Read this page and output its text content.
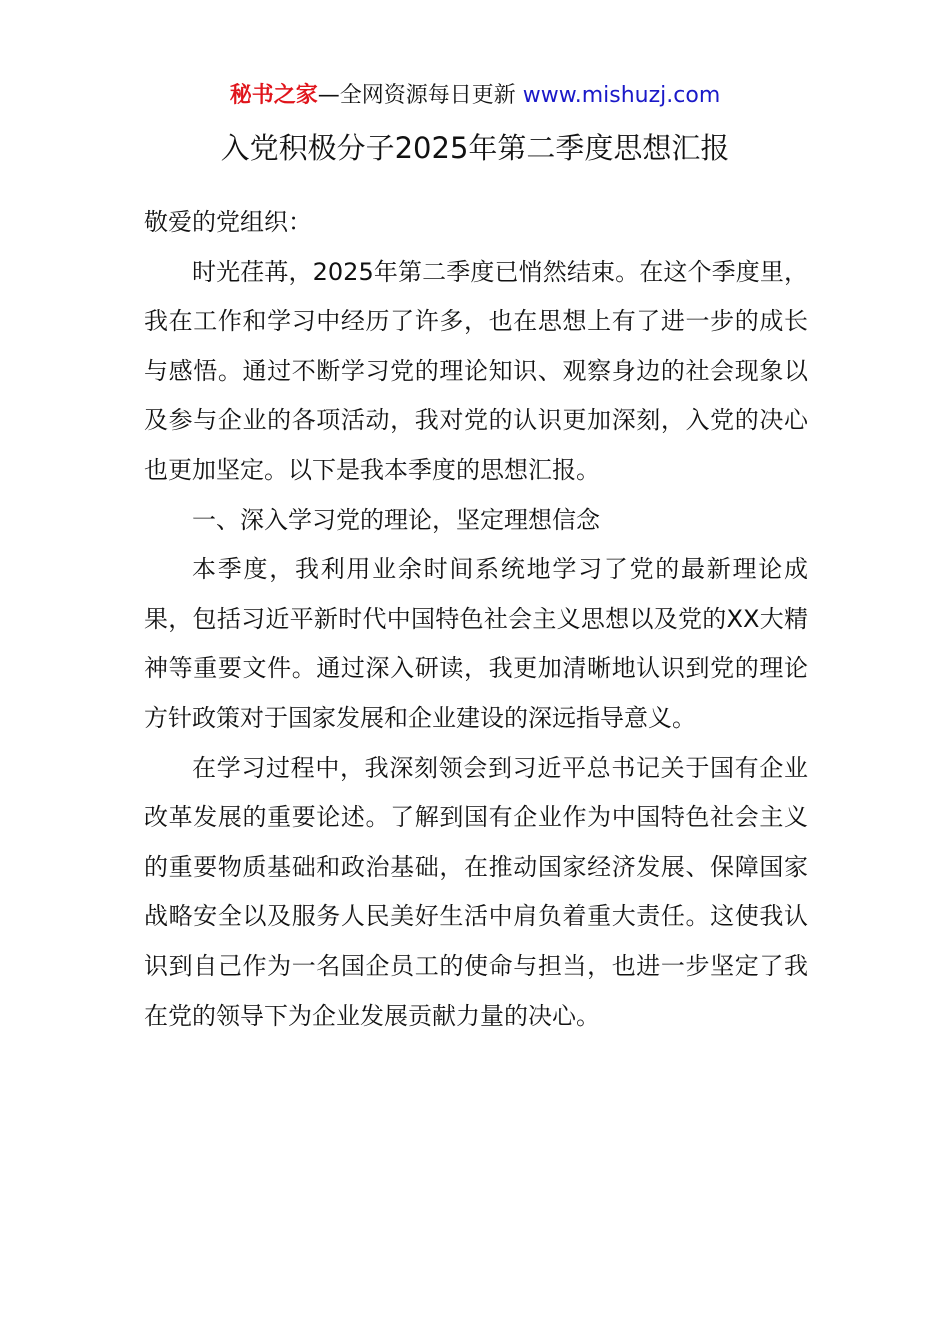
秘书之家—全网资源每日更新 www.mishuzj.com
入党积极分子2025年第二季度思想汇报

敬爱的党组织：

时光荏苒，2025年第二季度已悄然结束。在这个季度里，我在工作和学习中经历了许多，也在思想上有了进一步的成长与感悟。通过不断学习党的理论知识、观察身边的社会现象以及参与企业的各项活动，我对党的认识更加深刻，入党的决心也更加坚定。以下是我本季度的思想汇报。

一、深入学习党的理论，坚定理想信念

本季度，我利用业余时间系统地学习了党的最新理论成果，包括习近平新时代中国特色社会主义思想以及党的XX大精神等重要文件。通过深入研读，我更加清晰地认识到党的理论方针政策对于国家发展和企业建设的深远指导意义。

在学习过程中，我深刻领会到习近平总书记关于国有企业改革发展的重要论述。了解到国有企业作为中国特色社会主义的重要物质基础和政治基础，在推动国家经济发展、保障国家战略安全以及服务人民美好生活中肩负着重大责任。这使我认识到自己作为一名国企员工的使命与担当，也进一步坚定了我在党的领导下为企业发展贡献力量的决心。
